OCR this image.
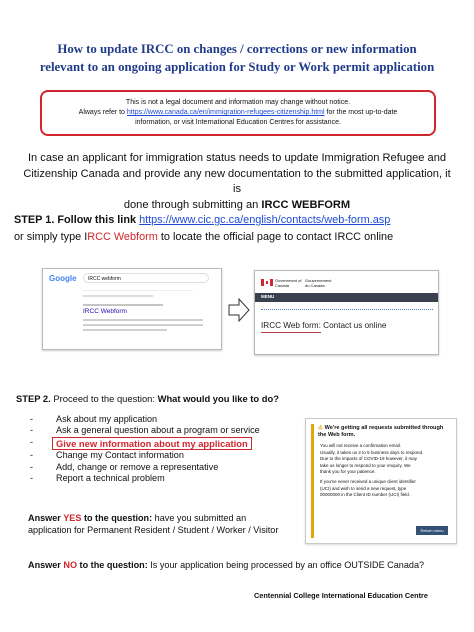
How to update IRCC on changes / corrections or new information
relevant to an ongoing application for Study or Work permit application
This is not a legal document and information may change without notice.
Always refer to https://www.canada.ca/en/immigration-refugees-citizenship.html for the most up-to-date
information, or visit International Education Centres for assistance.
In case an applicant for immigration status needs to update Immigration Refugee and
Citizenship Canada and provide any new documentation to the submitted application, it is
done through submitting an IRCC WEBFORM
STEP 1. Follow this link https://www.cic.gc.ca/english/contacts/web-form.asp
or simply type IRCC Webform to locate the official page to contact IRCC online
Google	IRCC webform
IRCC Webform
Government of Canada
Gouvernement du Canada
MENU
IRCC Web form: Contact us online
STEP 2. Proceed to the question: What would you like to do?
-	Ask about my application
-	Ask a general question about a program or service
-	Give new information about my application
-	Change my Contact information
-	Add, change or remove a representative
-	Report a technical problem
⚠ We're getting all requests submitted through the Web form.
You will not receive a confirmation email.
Usually, it takes us 2 to 5 business days to respond.
Due to the impacts of COVID-19 however, it may
take us longer to respond to your enquiry. We
thank you for your patience.
If you've never received a unique client identifier
(UCI) and wish to send a new request, type
00000000 in the Client ID number (UCI) field.
Return menu
Answer YES to the question: have you submitted an application for Permanent Resident / Student / Worker / Visitor
Answer NO to the question: Is your application being processed by an office OUTSIDE Canada?
Centennial College International Education Centre
